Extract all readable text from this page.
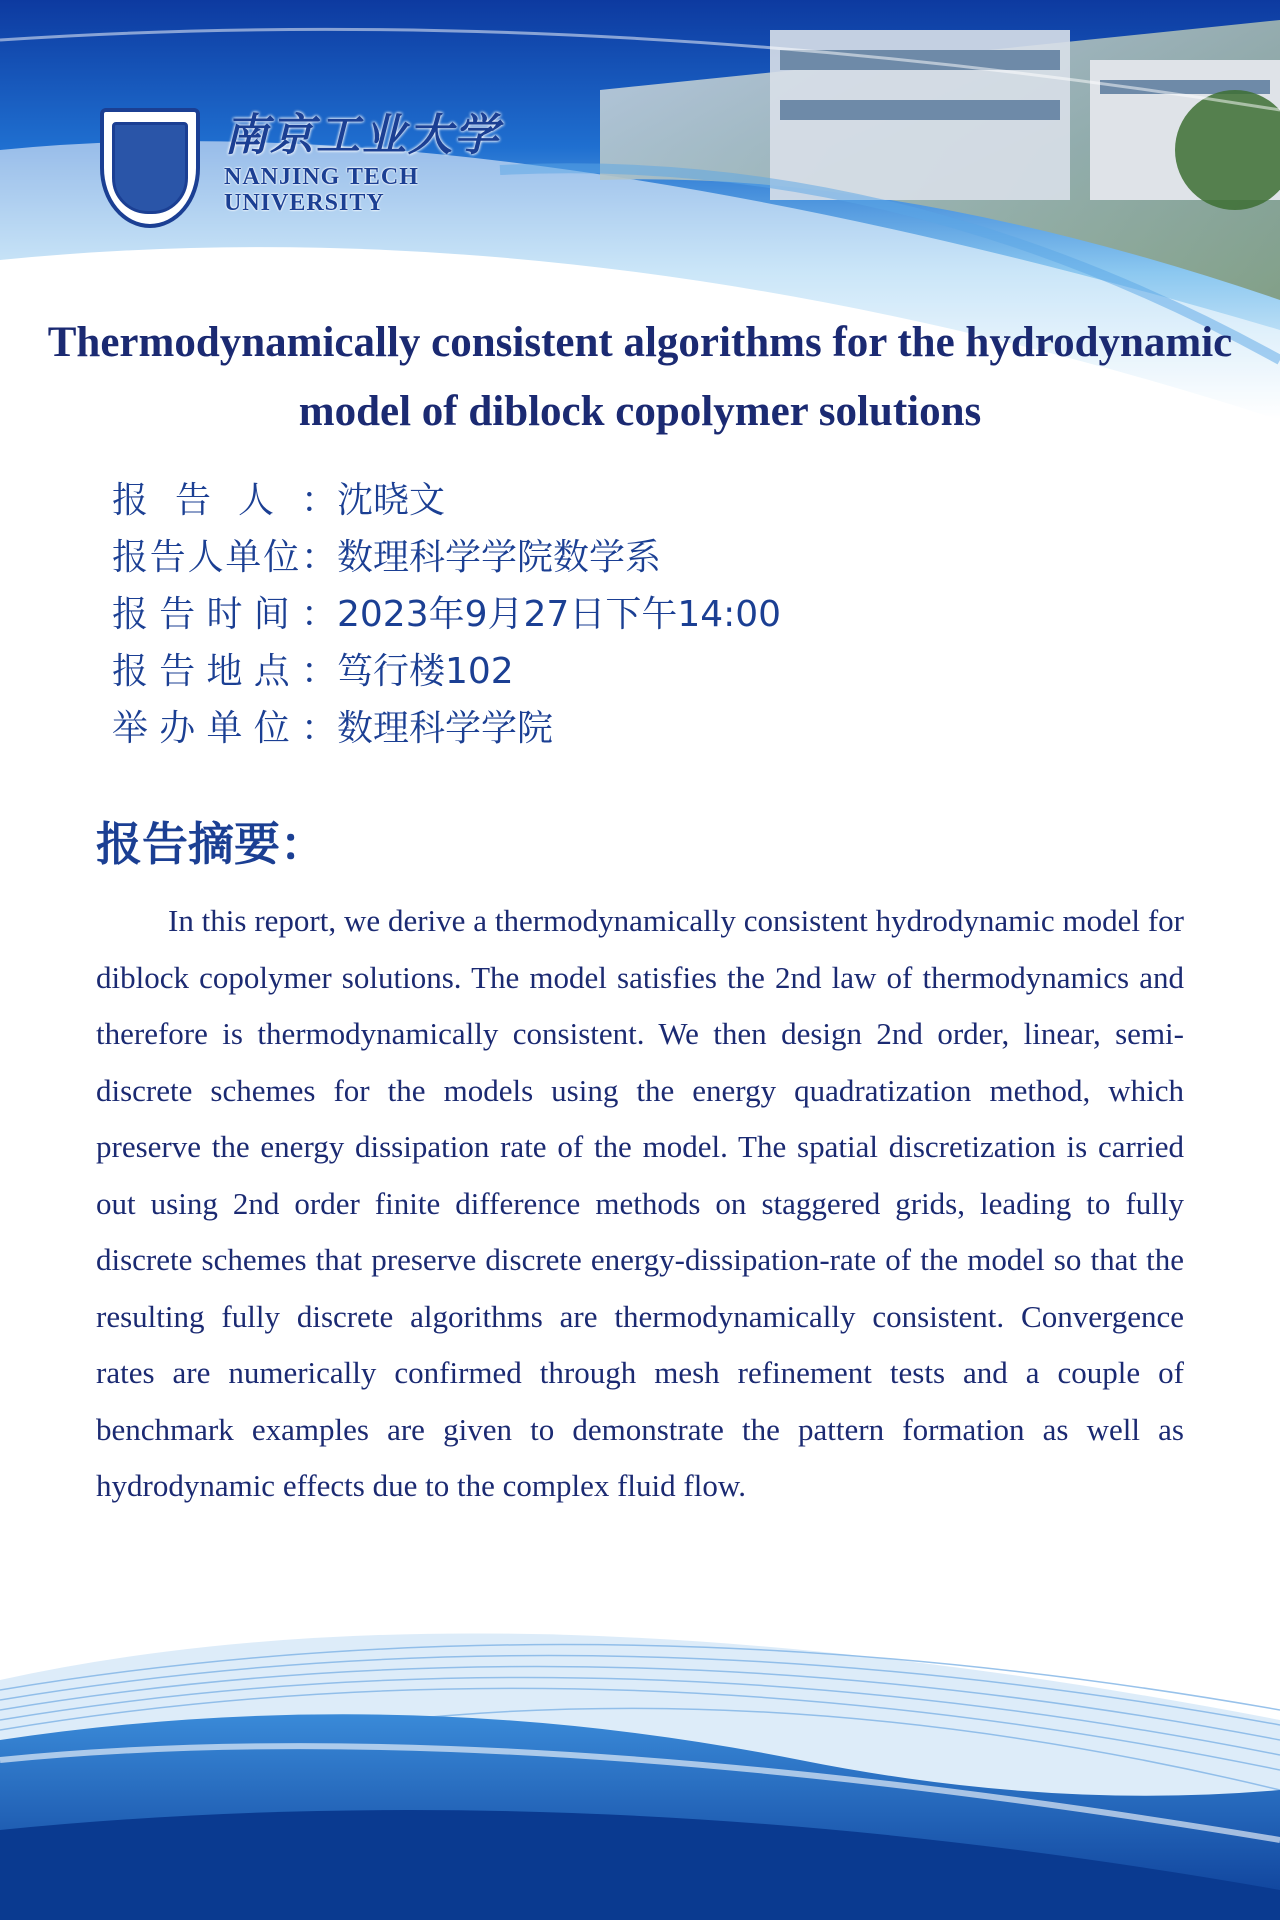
南京工业大学
NANJING TECH
UNIVERSITY
Thermodynamically consistent algorithms for the hydrodynamic
model of diblock copolymer solutions
报告人： 沈晓文
报告人单位： 数理科学学院数学系
报告时间： 2023年9月27日下午14:00
报告地点： 笃行楼102
举办单位： 数理科学学院
报告摘要：
In this report, we derive a thermodynamically consistent hydrodynamic model for diblock copolymer solutions. The model satisfies the 2nd law of thermodynamics and therefore is thermodynamically consistent. We then design 2nd order, linear, semi-discrete schemes for the models using the energy quadratization method, which preserve the energy dissipation rate of the model. The spatial discretization is carried out using 2nd order finite difference methods on staggered grids, leading to fully discrete schemes that preserve discrete energy-dissipation-rate of the model so that the resulting fully discrete algorithms are thermodynamically consistent. Convergence rates are numerically confirmed through mesh refinement tests and a couple of benchmark examples are given to demonstrate the pattern formation as well as hydrodynamic effects due to the complex fluid flow.
